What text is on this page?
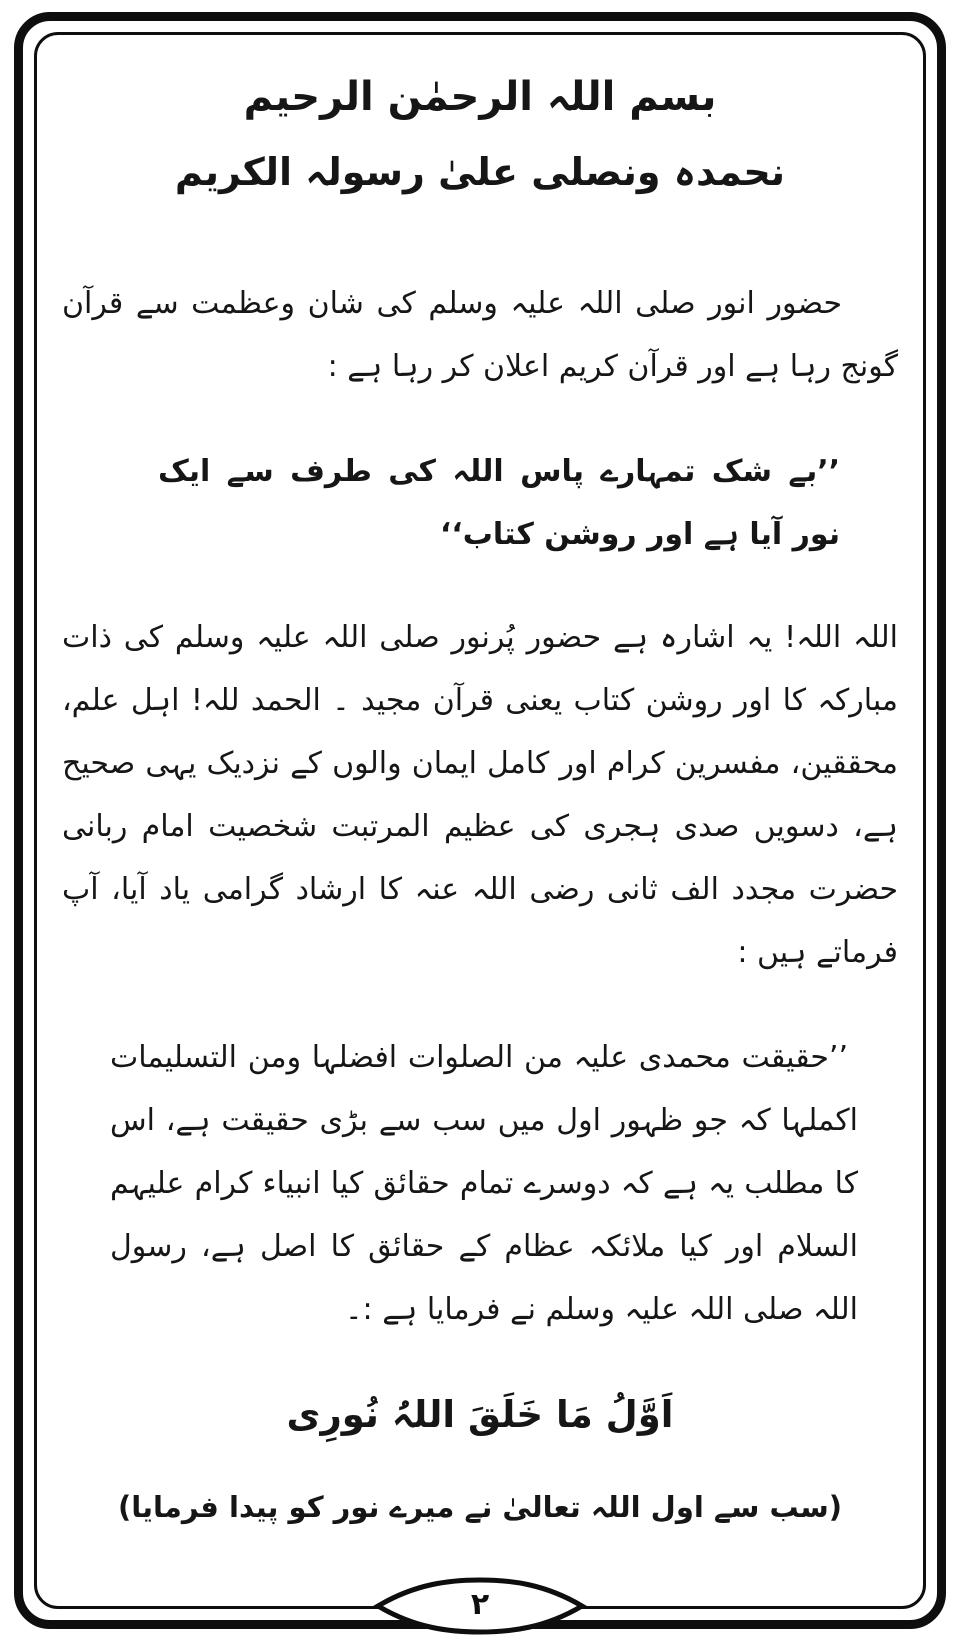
بسم اللہ الرحمٰن الرحیم
نحمدہ ونصلی علیٰ رسولہ الکریم

حضور انور صلی اللہ علیہ وسلم کی شان وعظمت سے قرآن گونج رہا ہے اور قرآن کریم اعلان کر رہا ہے :

’’بے شک تمہارے پاس اللہ کی طرف سے ایک نور آیا ہے اور روشن کتاب‘‘

اللہ اللہ! یہ اشارہ ہے حضور پُرنور صلی اللہ علیہ وسلم کی ذات مبارکہ کا اور روشن کتاب یعنی قرآن مجید ۔ الحمد للہ! اہل علم، محققین، مفسرین کرام اور کامل ایمان والوں کے نزدیک یہی صحیح ہے، دسویں صدی ہجری کی عظیم المرتبت شخصیت امام ربانی حضرت مجدد الف ثانی رضی اللہ عنہ کا ارشاد گرامی یاد آیا، آپ فرماتے ہیں :

’’حقیقت محمدی علیہ من الصلوات افضلہا ومن التسلیمات اکملہا کہ جو ظہور اول میں سب سے بڑی حقیقت ہے، اس کا مطلب یہ ہے کہ دوسرے تمام حقائق کیا انبیاء کرام علیہم السلام اور کیا ملائکہ عظام کے حقائق کا اصل ہے، رسول اللہ صلی اللہ علیہ وسلم نے فرمایا ہے :۔

اَوَّلُ مَا خَلَقَ اللہُ نُورِی

(سب سے اول اللہ تعالیٰ نے میرے نور کو پیدا فرمایا)

٢
